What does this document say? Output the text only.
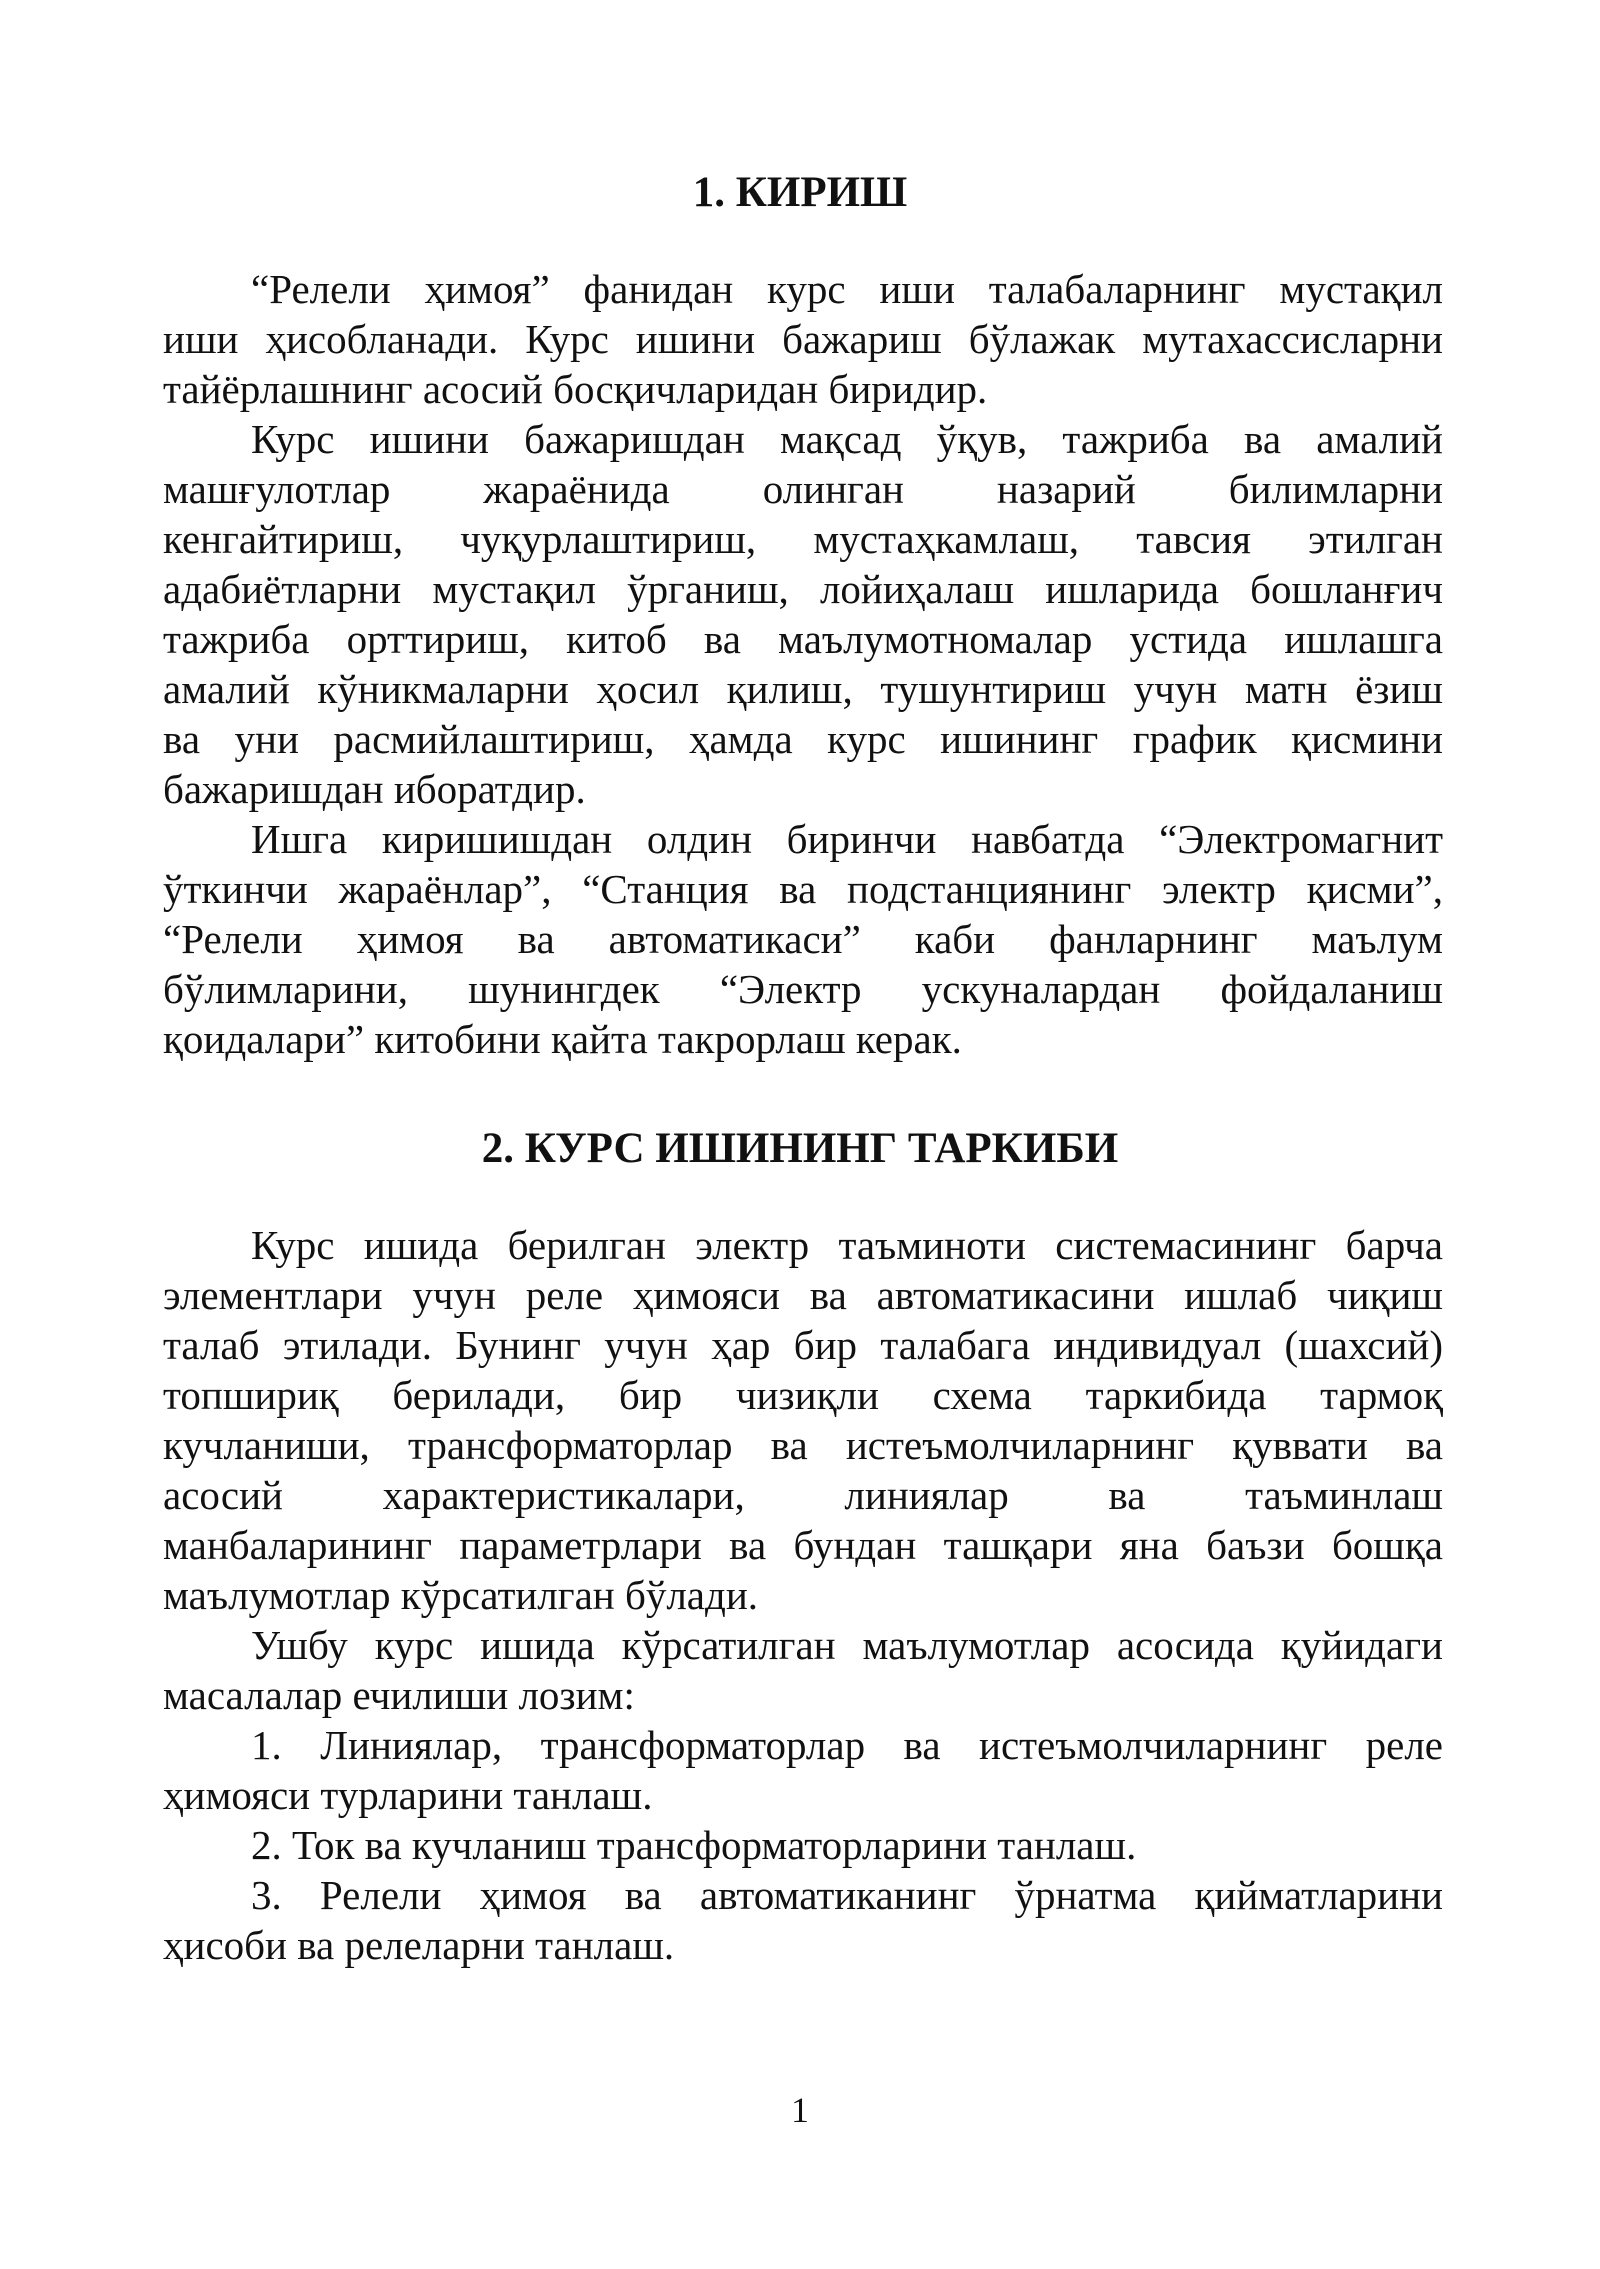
1. КИРИШ
“Релели ҳимоя” фанидан курс иши талабаларнинг мустақил
иши ҳисобланади. Курс ишини бажариш бўлажак мутахассисларни
тайёрлашнинг асосий босқичларидан биридир.
Курс ишини бажаришдан мақсад ўқув, тажриба ва амалий
машғулотлар жараёнида олинган назарий билимларни
кенгайтириш, чуқурлаштириш, мустаҳкамлаш, тавсия этилган
адабиётларни мустақил ўрганиш, лойиҳалаш ишларида бошланғич
тажриба орттириш, китоб ва маълумотномалар устида ишлашга
амалий кўникмаларни ҳосил қилиш, тушунтириш учун матн ёзиш
ва уни расмийлаштириш, ҳамда курс ишининг график қисмини
бажаришдан иборатдир.
Ишга киришишдан олдин биринчи навбатда “Электромагнит
ўткинчи жараёнлар”, “Станция ва подстанциянинг электр қисми”,
“Релели ҳимоя ва автоматикаси” каби фанларнинг маълум
бўлимларини, шунингдек “Электр ускуналардан фойдаланиш
қоидалари” китобини қайта такрорлаш керак.
2. КУРС ИШИНИНГ ТАРКИБИ
Курс ишида берилган электр таъминоти системасининг барча
элементлари учун реле ҳимояси ва автоматикасини ишлаб чиқиш
талаб этилади. Бунинг учун ҳар бир талабага индивидуал (шахсий)
топшириқ берилади, бир чизиқли схема таркибида тармоқ
кучланиши, трансформаторлар ва истеъмолчиларнинг қуввати ва
асосий характеристикалари, линиялар ва таъминлаш
манбаларининг параметрлари ва бундан ташқари яна баъзи бошқа
маълумотлар кўрсатилган бўлади.
Ушбу курс ишида кўрсатилган маълумотлар асосида қуйидаги
масалалар ечилиши лозим:
1. Линиялар, трансформаторлар ва истеъмолчиларнинг реле
ҳимояси турларини танлаш.
2. Ток ва кучланиш трансформаторларини танлаш.
3. Релели ҳимоя ва автоматиканинг ўрнатма қийматларини
ҳисоби ва релеларни танлаш.
1
